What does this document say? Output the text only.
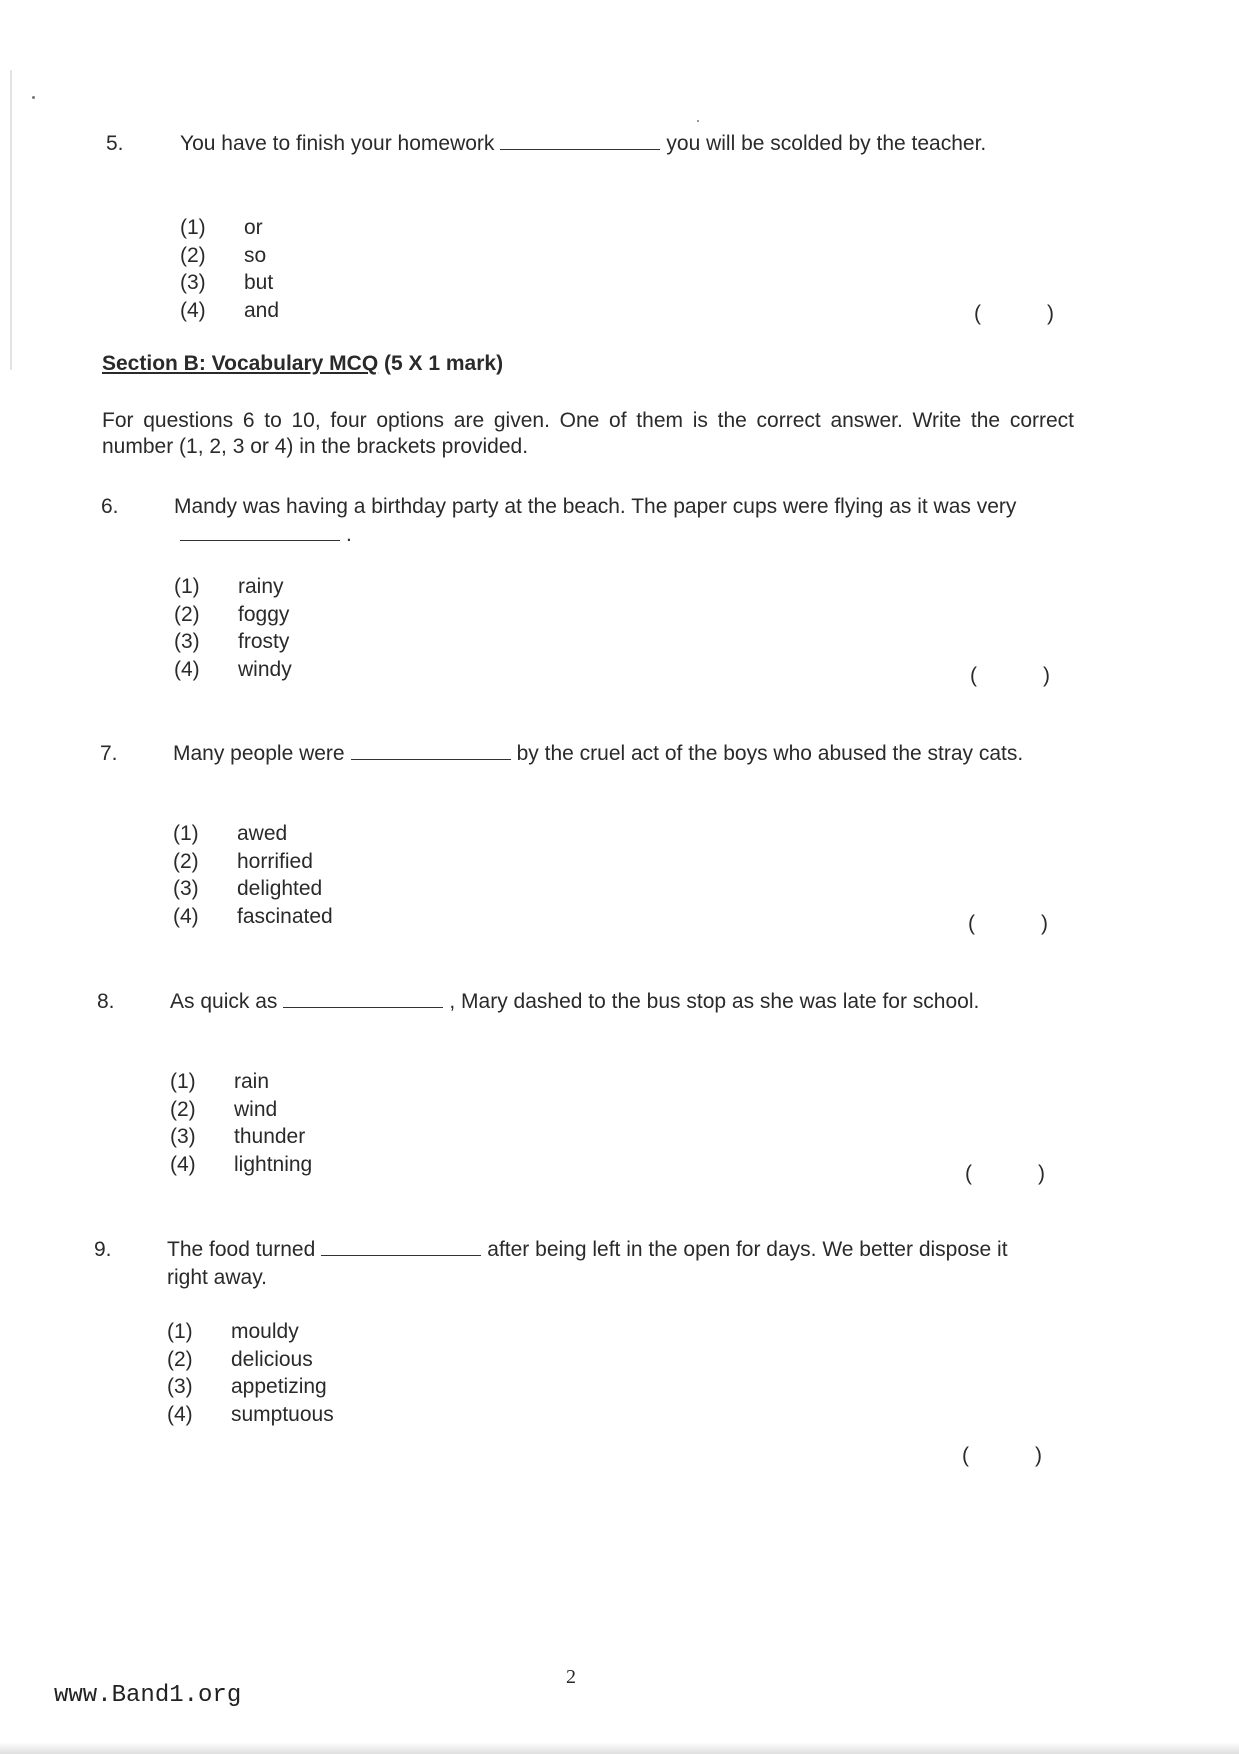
5.	You have to finish your homework	you will be scolded by the teacher.
(1) or
(2) so
(3) but
(4) and	(	)
Section B: Vocabulary MCQ (5 X 1 mark)
For questions 6 to 10, four options are given. One of them is the correct answer. Write the correct number (1, 2, 3 or 4) in the brackets provided.
6.	Mandy was having a birthday party at the beach. The paper cups were flying as it was very.
(1) rainy
(2) foggy
(3) frosty
(4) windy	(	)
7.	Many people were	by the cruel act of the boys who abused the stray cats.
(1) awed
(2) horrified
(3) delighted
(4) fascinated	(	)
8.	As quick as	, Mary dashed to the bus stop as she was late for school.
(1) rain
(2) wind
(3) thunder
(4) lightning	(	)
9.	The food turned	after being left in the open for days. We better dispose it right away.
(1) mouldy
(2) delicious
(3) appetizing
(4) sumptuous
(	)
2
www.Band1.org
